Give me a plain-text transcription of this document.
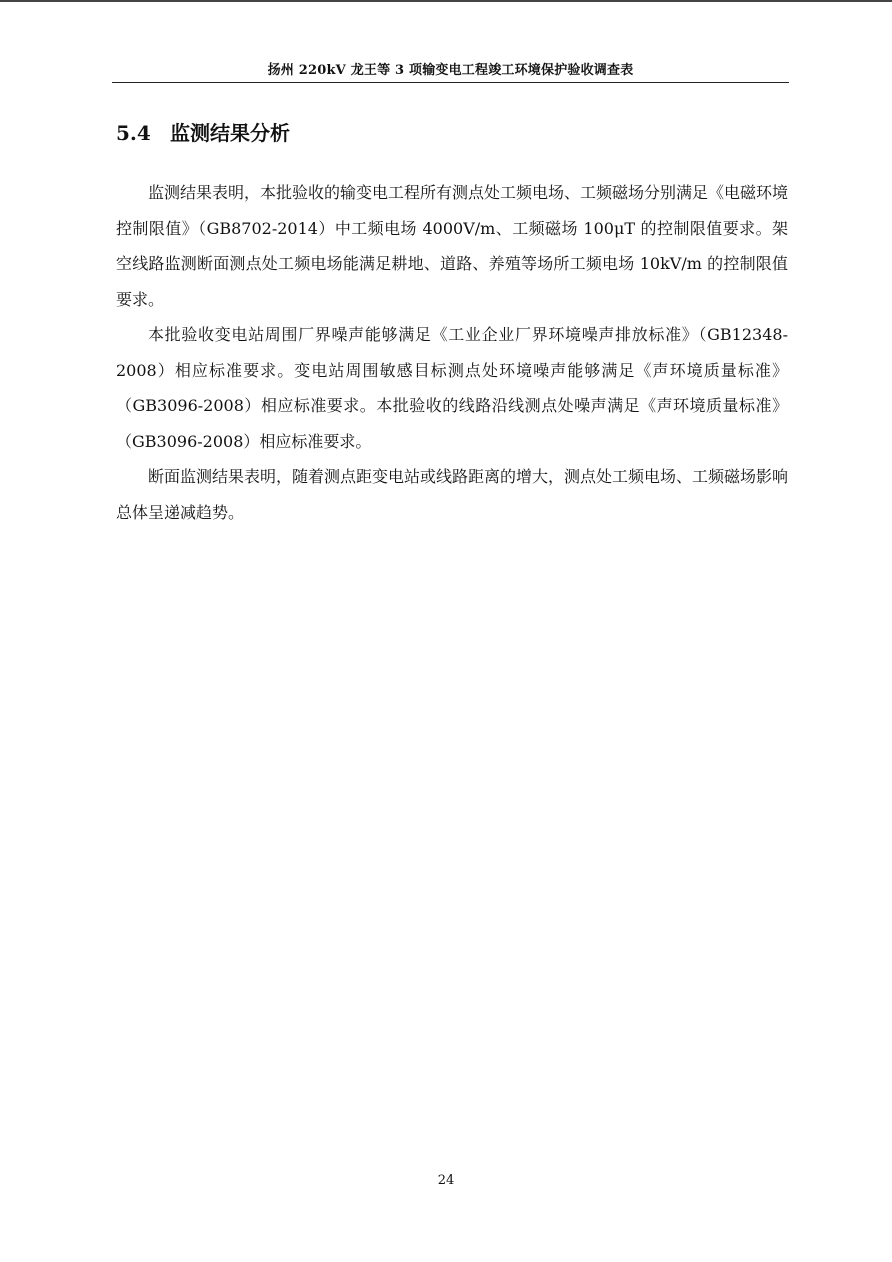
扬州 220kV 龙王等 3 项输变电工程竣工环境保护验收调查表
5.4 监测结果分析

监测结果表明，本批验收的输变电工程所有测点处工频电场、工频磁场分别满足《电磁环境控制限值》（GB8702-2014）中工频电场 4000V/m、工频磁场 100μT 的控制限值要求。架空线路监测断面测点处工频电场能满足耕地、道路、养殖等场所工频电场 10kV/m 的控制限值要求。

本批验收变电站周围厂界噪声能够满足《工业企业厂界环境噪声排放标准》（GB12348-2008）相应标准要求。变电站周围敏感目标测点处环境噪声能够满足《声环境质量标准》（GB3096-2008）相应标准要求。本批验收的线路沿线测点处噪声满足《声环境质量标准》（GB3096-2008）相应标准要求。

断面监测结果表明，随着测点距变电站或线路距离的增大，测点处工频电场、工频磁场影响总体呈递减趋势。

24
